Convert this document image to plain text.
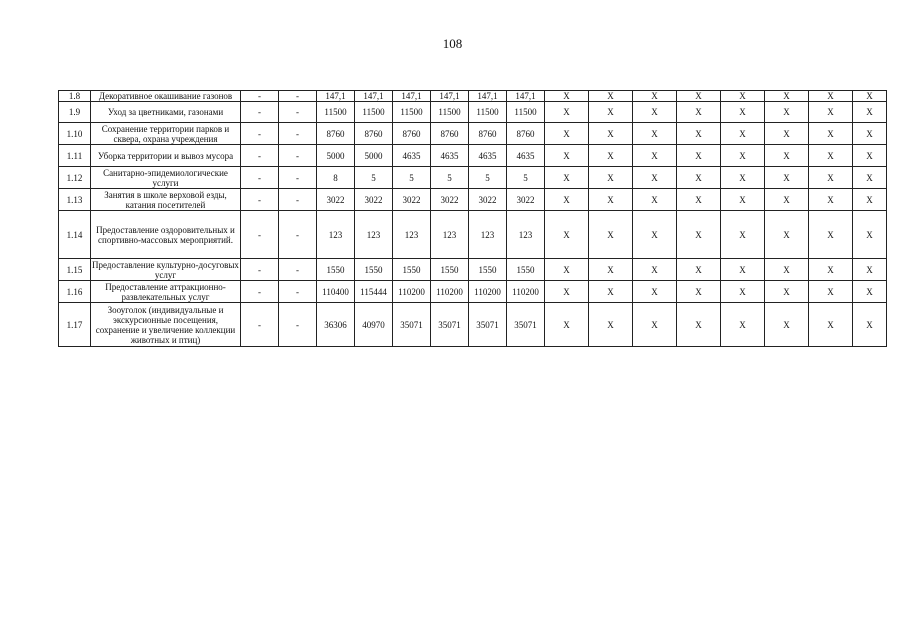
108
1.8	Декоративное окашивание газонов	-	-	147,1	147,1	147,1	147,1	147,1	147,1	X	X	X	X	X	X	X	X
1.9	Уход за цветниками, газонами	-	-	11500	11500	11500	11500	11500	11500	X	X	X	X	X	X	X	X
1.10	Сохранение территории парков и сквера, охрана учреждения	-	-	8760	8760	8760	8760	8760	8760	X	X	X	X	X	X	X	X
1.11	Уборка территории и вывоз мусора	-	-	5000	5000	4635	4635	4635	4635	X	X	X	X	X	X	X	X
1.12	Санитарно-эпидемиологические услуги	-	-	8	5	5	5	5	5	X	X	X	X	X	X	X	X
1.13	Занятия в школе верховой езды, катания посетителей	-	-	3022	3022	3022	3022	3022	3022	X	X	X	X	X	X	X	X
1.14	Предоставление оздоровительных и спортивно-массовых мероприятий.	-	-	123	123	123	123	123	123	X	X	X	X	X	X	X	X
1.15	Предоставление культурно-досуговых услуг	-	-	1550	1550	1550	1550	1550	1550	X	X	X	X	X	X	X	X
1.16	Предоставление аттракционно-развлекательных услуг	-	-	110400	115444	110200	110200	110200	110200	X	X	X	X	X	X	X	X
1.17	Зооуголок (индивидуальные и экскурсионные посещения, сохранение и увеличение коллекции животных и птиц)	-	-	36306	40970	35071	35071	35071	35071	X	X	X	X	X	X	X	X
